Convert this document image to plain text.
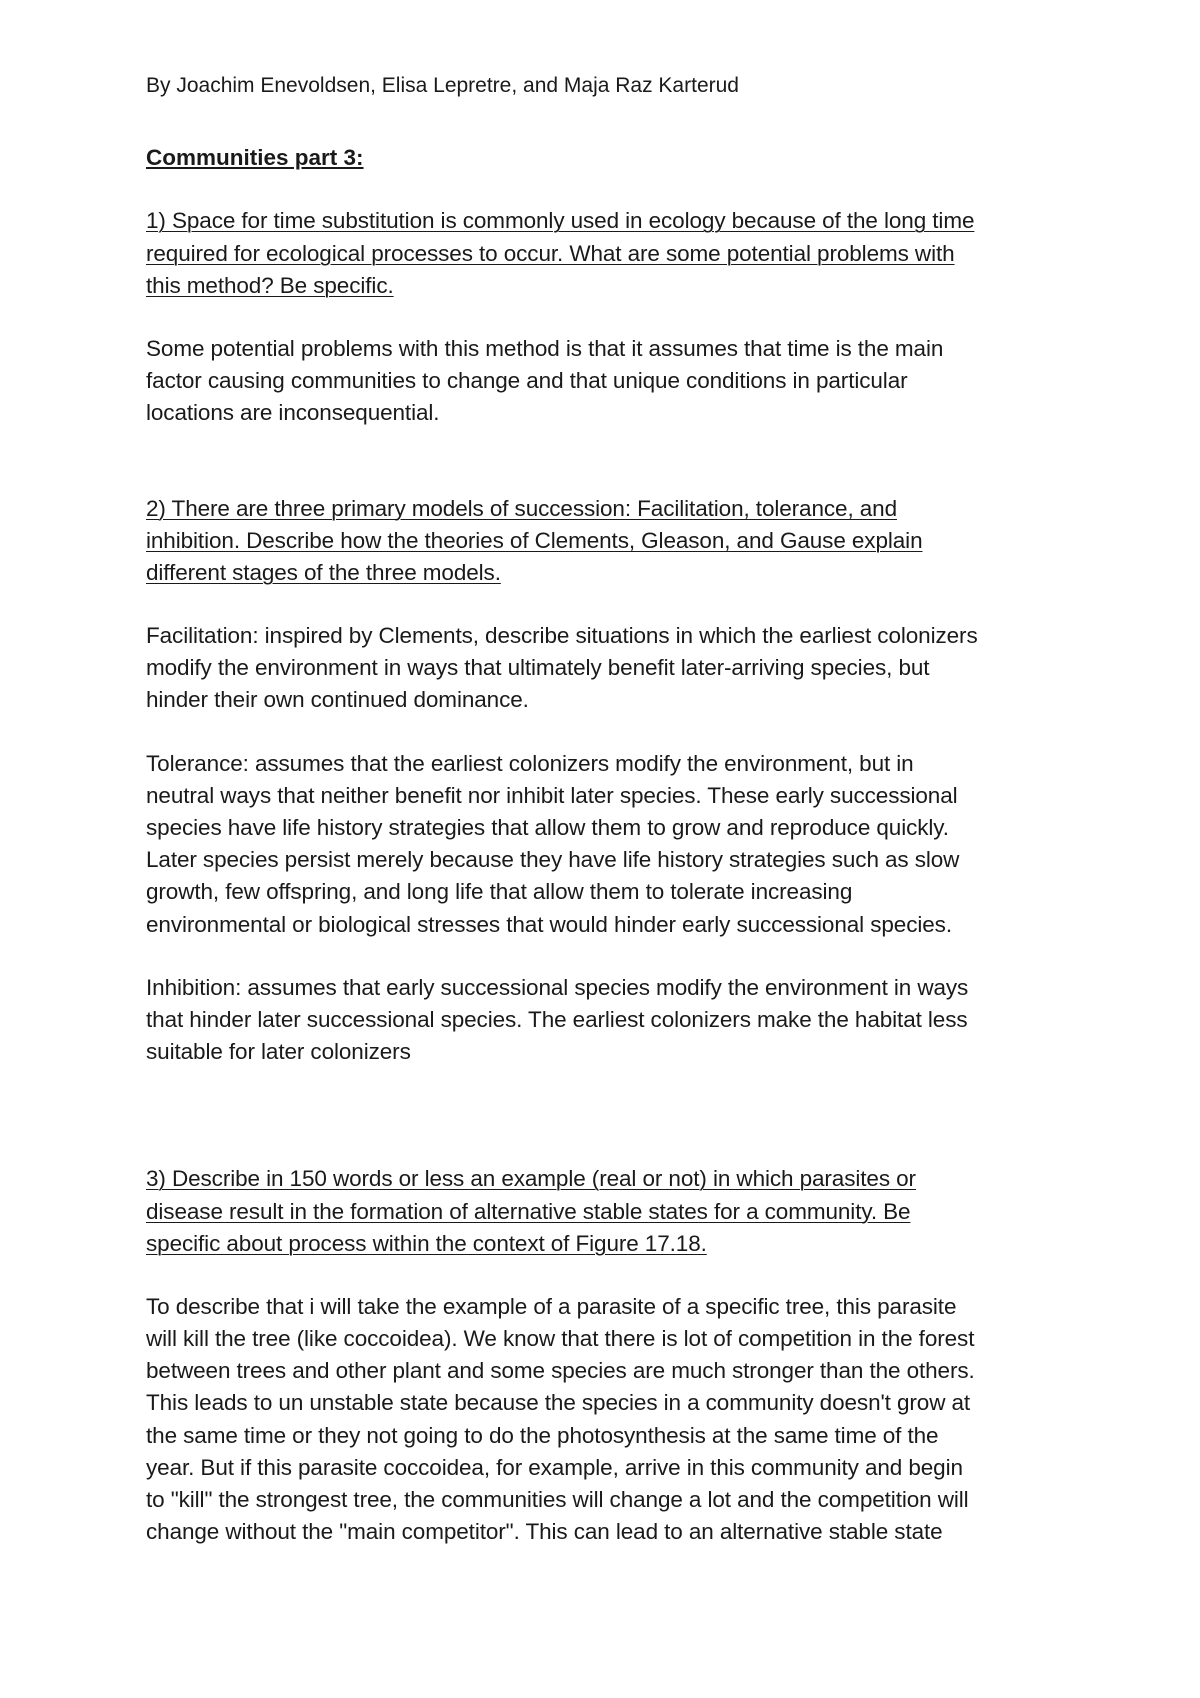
By Joachim Enevoldsen, Elisa Lepretre, and Maja Raz Karterud
Communities part 3:
1) Space for time substitution is commonly used in ecology because of the long time
required for ecological processes to occur. What are some potential problems with
this method? Be specific.
Some potential problems with this method is that it assumes that time is the main
factor causing communities to change and that unique conditions in particular
locations are inconsequential.
2) There are three primary models of succession: Facilitation, tolerance, and
inhibition. Describe how the theories of Clements, Gleason, and Gause explain
different stages of the three models.
Facilitation: inspired by Clements, describe situations in which the earliest colonizers
modify the environment in ways that ultimately benefit later-arriving species, but
hinder their own continued dominance.
Tolerance: assumes that the earliest colonizers modify the environment, but in
neutral ways that neither benefit nor inhibit later species. These early successional
species have life history strategies that allow them to grow and reproduce quickly.
Later species persist merely because they have life history strategies such as slow
growth, few offspring, and long life that allow them to tolerate increasing
environmental or biological stresses that would hinder early successional species.
Inhibition: assumes that early successional species modify the environment in ways
that hinder later successional species. The earliest colonizers make the habitat less
suitable for later colonizers
3) Describe in 150 words or less an example (real or not) in which parasites or
disease result in the formation of alternative stable states for a community. Be
specific about process within the context of Figure 17.18.
To describe that i will take the example of a parasite of a specific tree, this parasite
will kill the tree (like coccoidea). We know that there is lot of competition in the forest
between trees and other plant and some species are much stronger than the others.
This leads to un unstable state because the species in a community doesn't grow at
the same time or they not going to do the photosynthesis at the same time of the
year. But if this parasite coccoidea, for example, arrive in this community and begin
to "kill" the strongest tree, the communities will change a lot and the competition will
change without the "main competitor". This can lead to an alternative stable state
